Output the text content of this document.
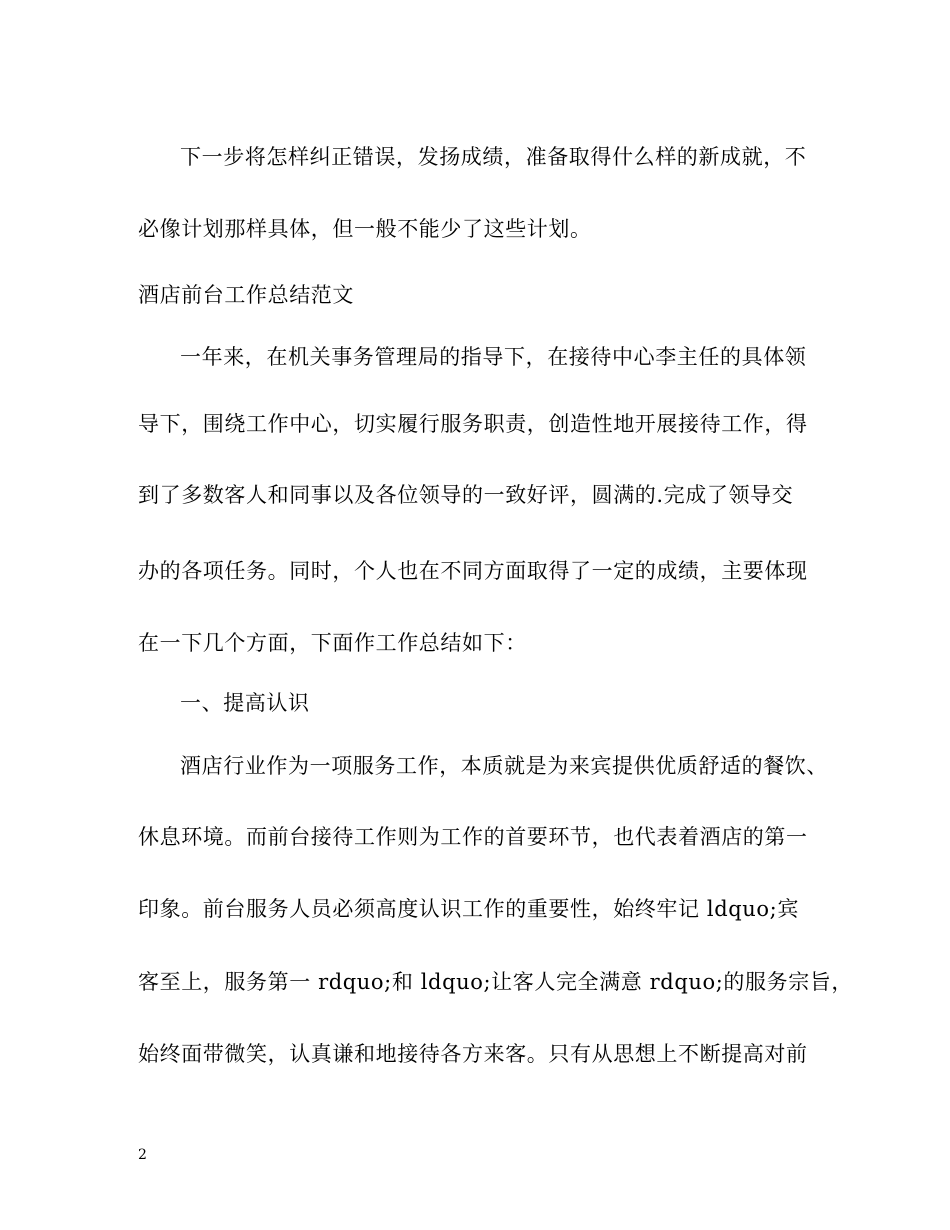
下一步将怎样纠正错误，发扬成绩，准备取得什么样的新成就，不
必像计划那样具体，但一般不能少了这些计划。
酒店前台工作总结范文
一年来，在机关事务管理局的指导下，在接待中心李主任的具体领
导下，围绕工作中心，切实履行服务职责，创造性地开展接待工作，得
到了多数客人和同事以及各位领导的一致好评，圆满的.完成了领导交
办的各项任务。同时，个人也在不同方面取得了一定的成绩，主要体现
在一下几个方面，下面作工作总结如下：
一、提高认识
酒店行业作为一项服务工作，本质就是为来宾提供优质舒适的餐饮、
休息环境。而前台接待工作则为工作的首要环节，也代表着酒店的第一
印象。前台服务人员必须高度认识工作的重要性，始终牢记 ldquo;宾
客至上，服务第一 rdquo;和 ldquo;让客人完全满意 rdquo;的服务宗旨，
始终面带微笑，认真谦和地接待各方来客。只有从思想上不断提高对前
2
